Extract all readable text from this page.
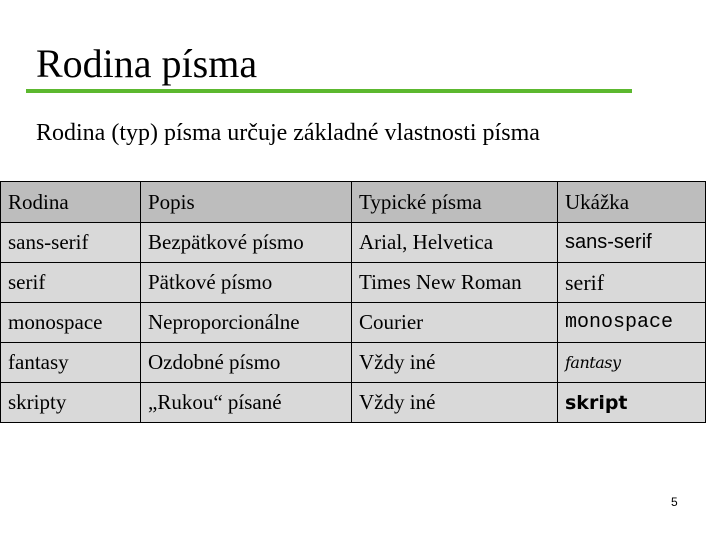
Rodina písma
Rodina (typ) písma určuje základné vlastnosti písma
Rodina	Popis	Typické písma	Ukážka
sans-serif	Bezpätkové písmo	Arial, Helvetica	sans-serif
serif	Pätkové písmo	Times New Roman	serif
monospace	Neproporcionálne	Courier	monospace
fantasy	Ozdobné písmo	Vždy iné	fantasy
skripty	„Rukou“ písané	Vždy iné	skript
5
